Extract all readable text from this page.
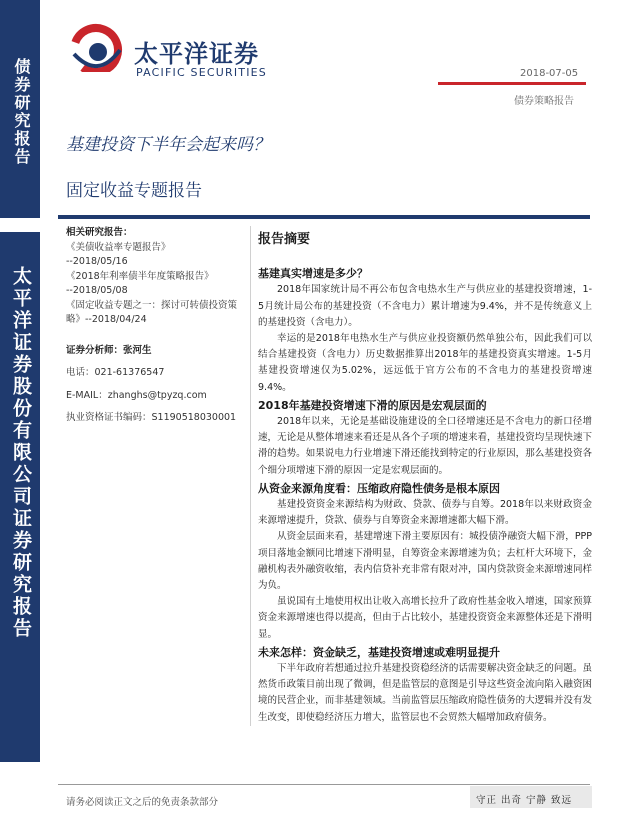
债券研究报告
太平洋证券股份有限公司证券研究报告
太平洋证券
PACIFIC SECURITIES	2018-07-05
债券策略报告
基建投资下半年会起来吗？
固定收益专题报告
相关研究报告：
《美债收益率专题报告》
--2018/05/16
《2018年利率债半年度策略报告》
--2018/05/08
《固定收益专题之一：探讨可转债投资策略》--2018/04/24
证券分析师：张河生
电话：021-61376547
E-MAIL：zhanghs@tpyzq.com
执业资格证书编码：S1190518030001
报告摘要
基建真实增速是多少？

2018年国家统计局不再公布包含电热水生产与供应业的基建投资增速，1-5月统计局公布的基建投资（不含电力）累计增速为9.4%，并不是传统意义上的基建投资（含电力）。

幸运的是2018年电热水生产与供应业投资额仍然单独公布，因此我们可以结合基建投资（含电力）历史数据推算出2018年的基建投资真实增速。1-5月基建投资增速仅为5.02%，远远低于官方公布的不含电力的基建投资增速9.4%。

2018年基建投资增速下滑的原因是宏观层面的

2018年以来，无论是基础设施建设的全口径增速还是不含电力的新口径增速，无论是从整体增速来看还是从各个子项的增速来看，基建投资均呈现快速下滑的趋势。如果说电力行业增速下滑还能找到特定的行业原因，那么基建投资各个细分项增速下滑的原因一定是宏观层面的。

从资金来源角度看：压缩政府隐性债务是根本原因

基建投资资金来源结构为财政、贷款、债券与自筹。2018年以来财政资金来源增速提升，贷款、债券与自筹资金来源增速都大幅下滑。

从资金层面来看，基建增速下滑主要原因有：城投债净融资大幅下滑，PPP项目落地金额同比增速下滑明显，自筹资金来源增速为负；去杠杆大环境下，金融机构表外融资收缩，表内信贷补充非常有限对冲，国内贷款资金来源增速同样为负。

虽说国有土地使用权出让收入高增长拉升了政府性基金收入增速，国家预算资金来源增速也得以提高，但由于占比较小，基建投资资金来源整体还是下滑明显。

未来怎样：资金缺乏，基建投资增速或难明显提升

下半年政府若想通过拉升基建投资稳经济的话需要解决资金缺乏的问题。虽然货币政策目前出现了微调，但是监管层的意图是引导这些资金流向陷入融资困境的民营企业，而非基建领域。当前监管层压缩政府隐性债务的大逻辑并没有发生改变，即使稳经济压力增大，监管层也不会贸然大幅增加政府债务。

请务必阅读正文之后的免责条款部分	守正 出奇 宁静 致远
